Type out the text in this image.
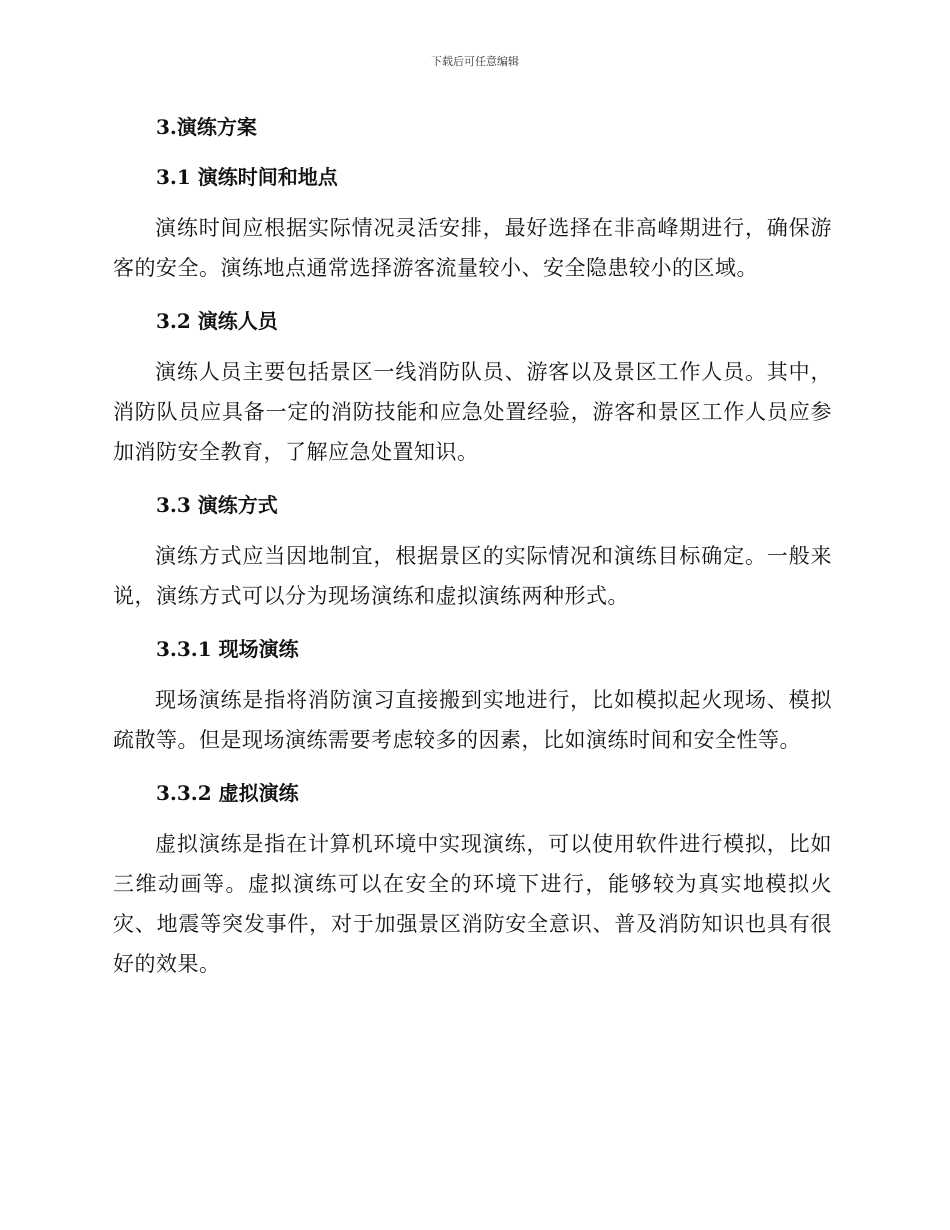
下载后可任意编辑
3.演练方案
3.1 演练时间和地点

演练时间应根据实际情况灵活安排，最好选择在非高峰期进行，确保游客的安全。演练地点通常选择游客流量较小、安全隐患较小的区域。

3.2 演练人员

演练人员主要包括景区一线消防队员、游客以及景区工作人员。其中，消防队员应具备一定的消防技能和应急处置经验，游客和景区工作人员应参加消防安全教育，了解应急处置知识。

3.3 演练方式

演练方式应当因地制宜，根据景区的实际情况和演练目标确定。一般来说，演练方式可以分为现场演练和虚拟演练两种形式。

3.3.1 现场演练

现场演练是指将消防演习直接搬到实地进行，比如模拟起火现场、模拟疏散等。但是现场演练需要考虑较多的因素，比如演练时间和安全性等。

3.3.2 虚拟演练

虚拟演练是指在计算机环境中实现演练，可以使用软件进行模拟，比如三维动画等。虚拟演练可以在安全的环境下进行，能够较为真实地模拟火灾、地震等突发事件，对于加强景区消防安全意识、普及消防知识也具有很好的效果。
